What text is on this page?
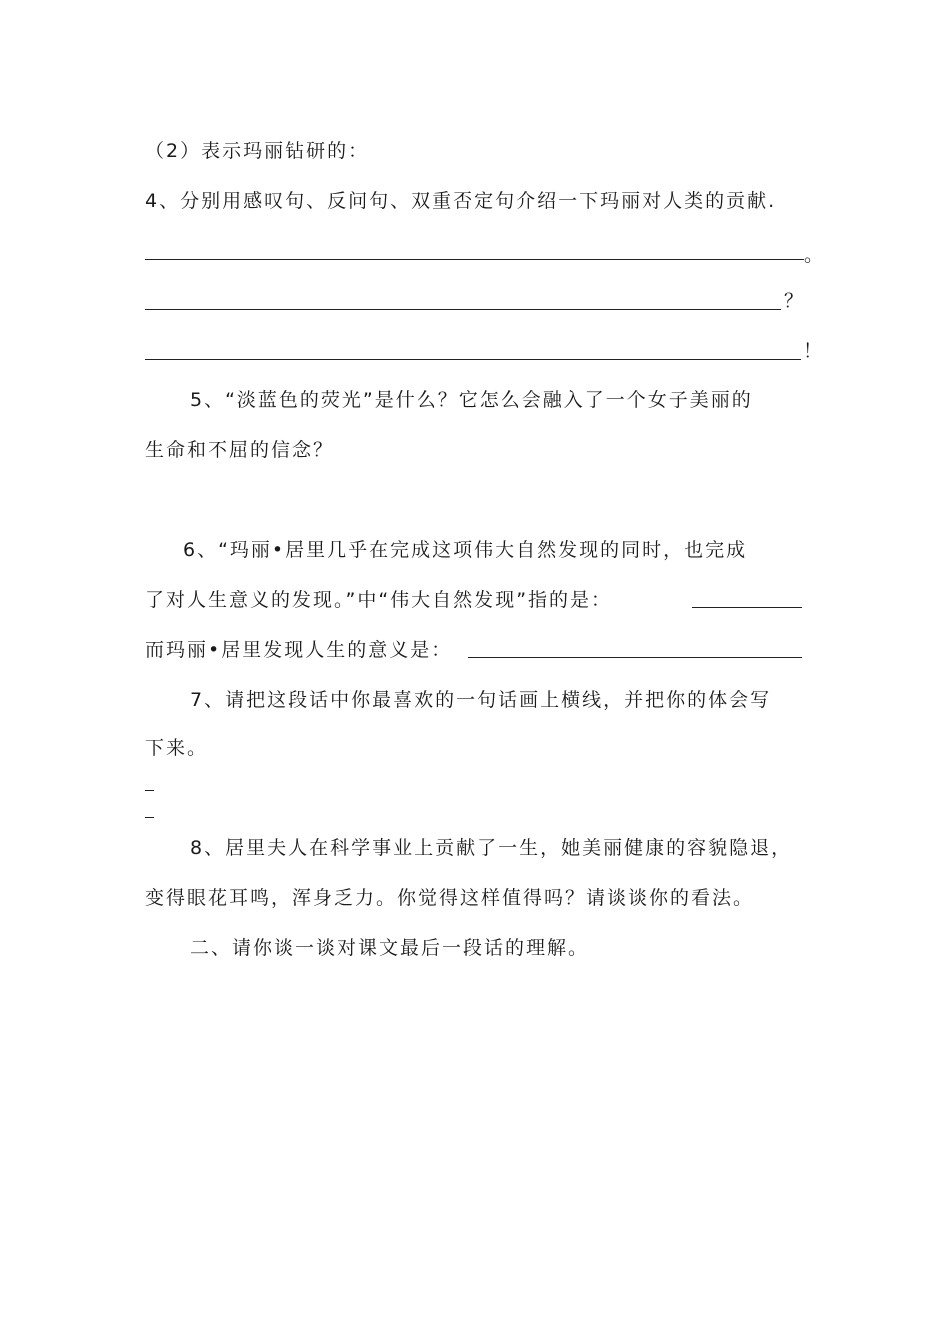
（2）表示玛丽钻研的：
4、分别用感叹句、反问句、双重否定句介绍一下玛丽对人类的贡献.
。
？
！
5、“淡蓝色的荧光”是什么？它怎么会融入了一个女子美丽的
生命和不屈的信念？
6、“玛丽•居里几乎在完成这项伟大自然发现的同时，也完成
了对人生意义的发现。”中“伟大自然发现”指的是：
而玛丽•居里发现人生的意义是：
7、请把这段话中你最喜欢的一句话画上横线，并把你的体会写
下来。
8、居里夫人在科学事业上贡献了一生，她美丽健康的容貌隐退，
变得眼花耳鸣，浑身乏力。你觉得这样值得吗？请谈谈你的看法。
二、请你谈一谈对课文最后一段话的理解。
